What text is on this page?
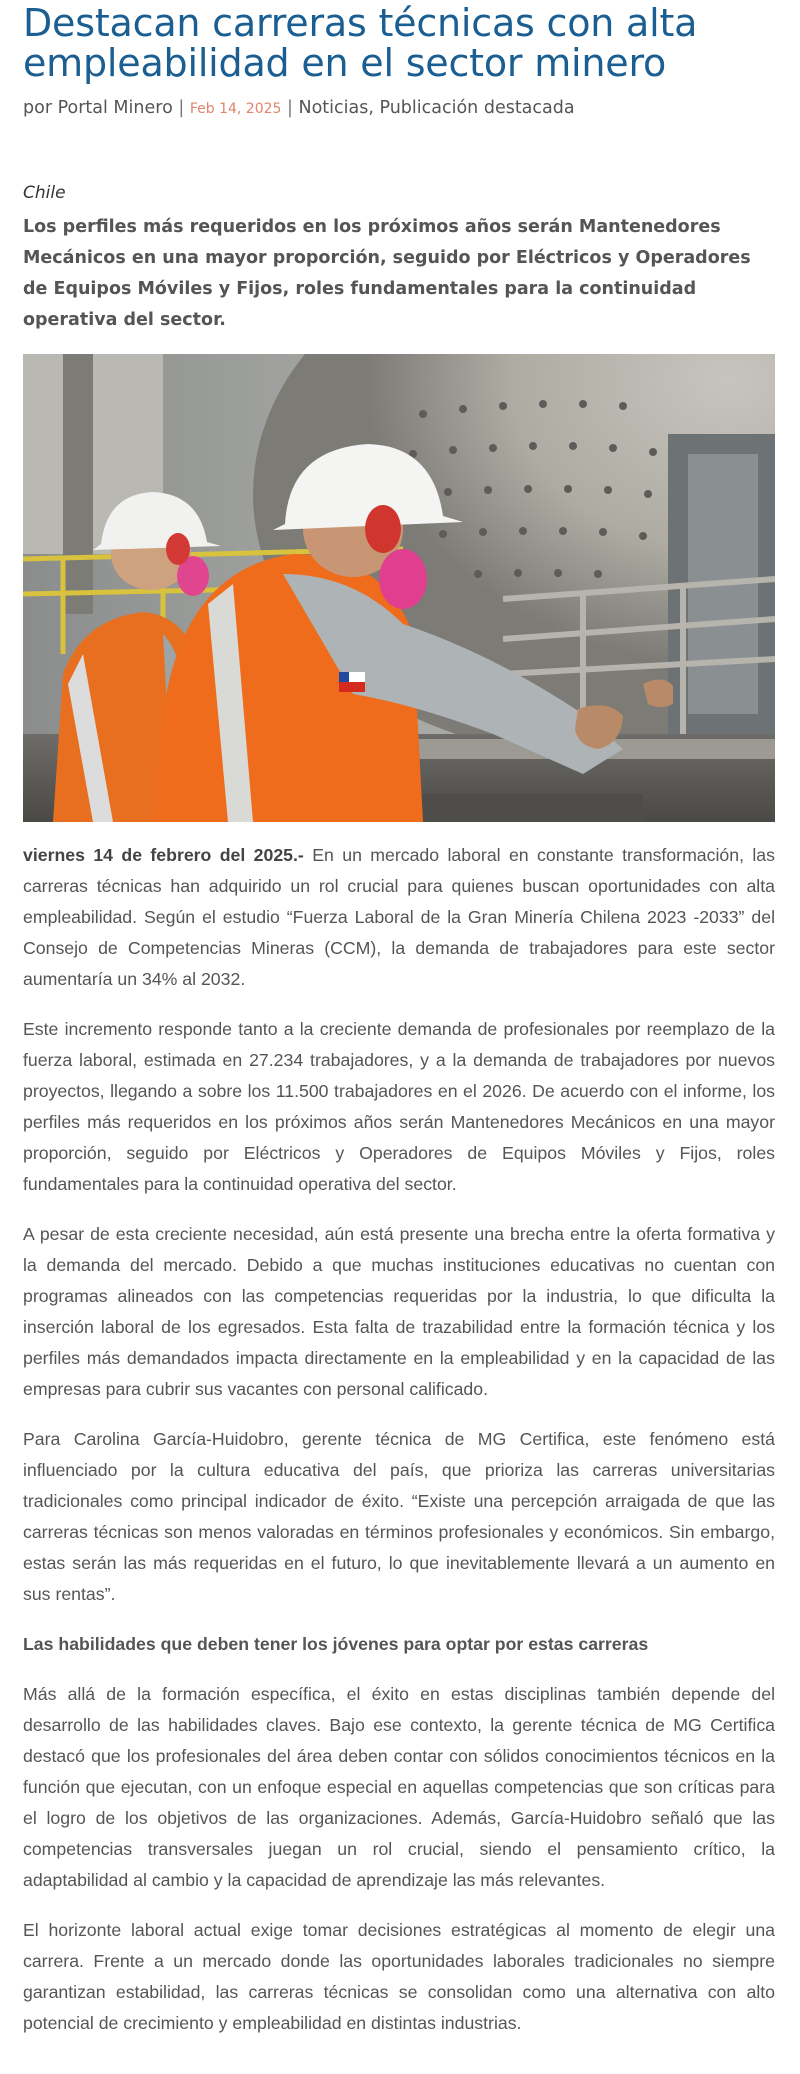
Destacan carreras técnicas con alta empleabilidad en el sector minero

por Portal Minero | Feb 14, 2025 | Noticias, Publicación destacada

Chile

Los perfiles más requeridos en los próximos años serán Mantenedores Mecánicos en una mayor proporción, seguido por Eléctricos y Operadores de Equipos Móviles y Fijos, roles fundamentales para la continuidad operativa del sector.

viernes 14 de febrero del 2025.- En un mercado laboral en constante transformación, las carreras técnicas han adquirido un rol crucial para quienes buscan oportunidades con alta empleabilidad. Según el estudio “Fuerza Laboral de la Gran Minería Chilena 2023 -2033” del Consejo de Competencias Mineras (CCM), la demanda de trabajadores para este sector aumentaría un 34% al 2032.

Este incremento responde tanto a la creciente demanda de profesionales por reemplazo de la fuerza laboral, estimada en 27.234 trabajadores, y a la demanda de trabajadores por nuevos proyectos, llegando a sobre los 11.500 trabajadores en el 2026. De acuerdo con el informe, los perfiles más requeridos en los próximos años serán Mantenedores Mecánicos en una mayor proporción, seguido por Eléctricos y Operadores de Equipos Móviles y Fijos, roles fundamentales para la continuidad operativa del sector.

A pesar de esta creciente necesidad, aún está presente una brecha entre la oferta formativa y la demanda del mercado. Debido a que muchas instituciones educativas no cuentan con programas alineados con las competencias requeridas por la industria, lo que dificulta la inserción laboral de los egresados. Esta falta de trazabilidad entre la formación técnica y los perfiles más demandados impacta directamente en la empleabilidad y en la capacidad de las empresas para cubrir sus vacantes con personal calificado.

Para Carolina García-Huidobro, gerente técnica de MG Certifica, este fenómeno está influenciado por la cultura educativa del país, que prioriza las carreras universitarias tradicionales como principal indicador de éxito. “Existe una percepción arraigada de que las carreras técnicas son menos valoradas en términos profesionales y económicos. Sin embargo, estas serán las más requeridas en el futuro, lo que inevitablemente llevará a un aumento en sus rentas”.

Las habilidades que deben tener los jóvenes para optar por estas carreras

Más allá de la formación específica, el éxito en estas disciplinas también depende del desarrollo de las habilidades claves. Bajo ese contexto, la gerente técnica de MG Certifica destacó que los profesionales del área deben contar con sólidos conocimientos técnicos en la función que ejecutan, con un enfoque especial en aquellas competencias que son críticas para el logro de los objetivos de las organizaciones. Además, García-Huidobro señaló que las competencias transversales juegan un rol crucial, siendo el pensamiento crítico, la adaptabilidad al cambio y la capacidad de aprendizaje las más relevantes.

El horizonte laboral actual exige tomar decisiones estratégicas al momento de elegir una carrera. Frente a un mercado donde las oportunidades laborales tradicionales no siempre garantizan estabilidad, las carreras técnicas se consolidan como una alternativa con alto potencial de crecimiento y empleabilidad en distintas industrias.
